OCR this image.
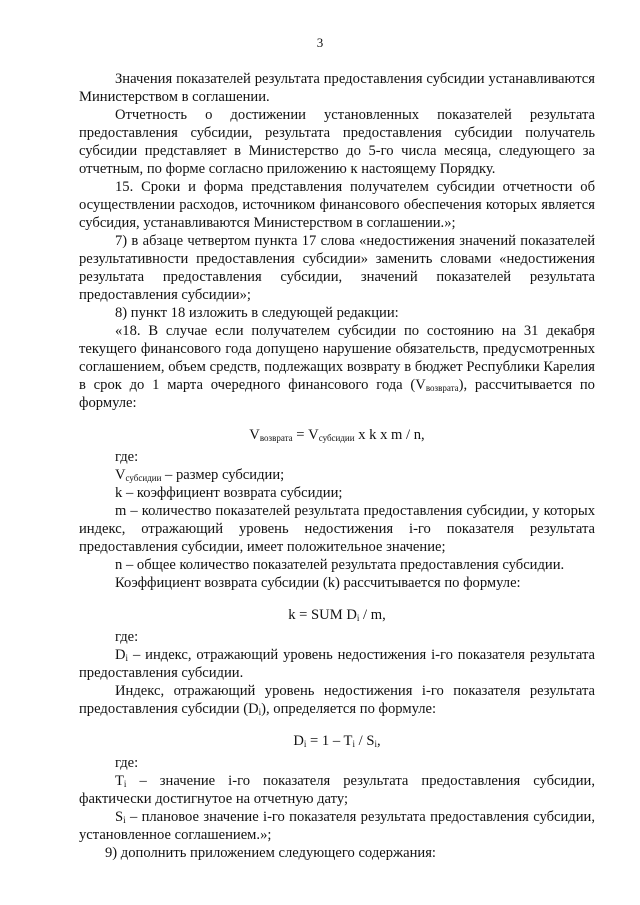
3

Значения показателей результата предоставления субсидии устанавливаются Министерством в соглашении.

Отчетность о достижении установленных показателей результата предоставления субсидии, результата предоставления субсидии получатель субсидии представляет в Министерство до 5-го числа месяца, следующего за отчетным, по форме согласно приложению к настоящему Порядку.

15. Сроки и форма представления получателем субсидии отчетности об осуществлении расходов, источником финансового обеспечения которых является субсидия, устанавливаются Министерством в соглашении.»;

7) в абзаце четвертом пункта 17 слова «недостижения значений показателей результативности предоставления субсидии» заменить словами «недостижения результата предоставления субсидии, значений показателей результата предоставления субсидии»;

8) пункт 18 изложить в следующей редакции:

«18. В случае если получателем субсидии по состоянию на 31 декабря текущего финансового года допущено нарушение обязательств, предусмотренных соглашением, объем средств, подлежащих возврату в бюджет Республики Карелия в срок до 1 марта очередного финансового года $(V_{возврата})$, рассчитывается по формуле:

$V_{возврата} = V_{субсидии}$ x k x m / n,

где:

$V_{субсидии}$ – размер субсидии;

k – коэффициент возврата субсидии;

m – количество показателей результата предоставления субсидии, у которых индекс, отражающий уровень недостижения i-го показателя результата предоставления субсидии, имеет положительное значение;

n – общее количество показателей результата предоставления субсидии.

Коэффициент возврата субсидии (k) рассчитывается по формуле:

k = SUM $D_i$ / m,

где:

$D_i$ – индекс, отражающий уровень недостижения i-го показателя результата предоставления субсидии.

Индекс, отражающий уровень недостижения i-го показателя результата предоставления субсидии $(D_i)$, определяется по формуле:

$D_i = 1 - T_i / S_i$,

где:

$T_i$ – значение i-го показателя результата предоставления субсидии, фактически достигнутое на отчетную дату;

$S_i$ – плановое значение i-го показателя результата предоставления субсидии, установленное соглашением.»;

9) дополнить приложением следующего содержания:
